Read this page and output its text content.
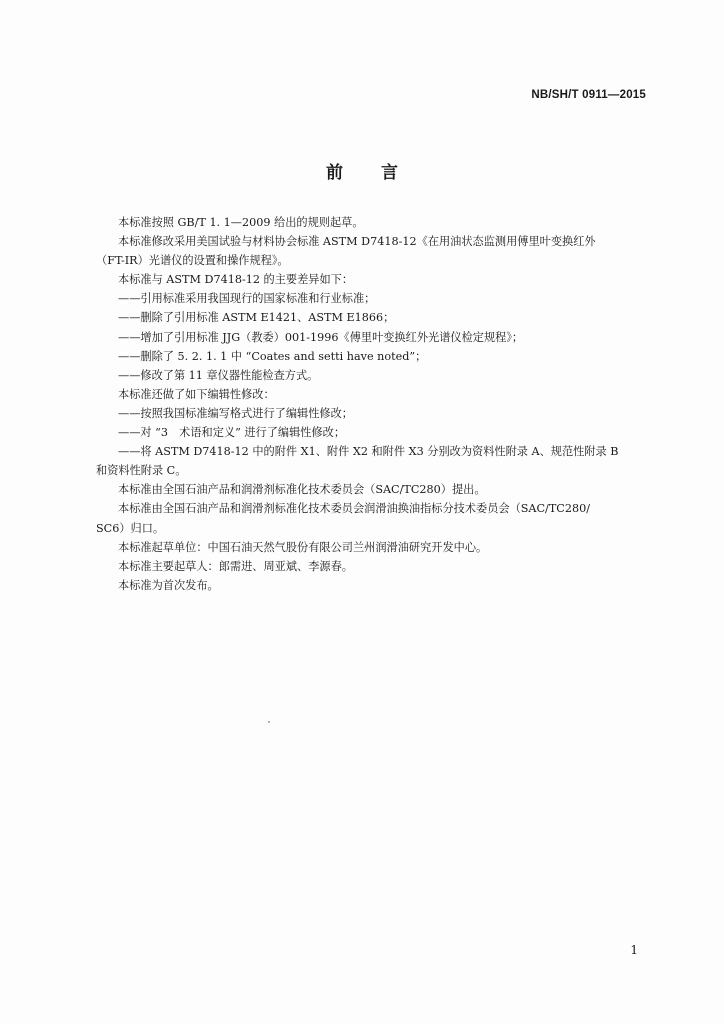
NB/SH/T 0911—2015
前言
本标准按照 GB/T 1. 1—2009 给出的规则起草。
本标准修改采用美国试验与材料协会标准 ASTM D7418-12《在用油状态监测用傅里叶变换红外
（FT-IR）光谱仪的设置和操作规程》。
本标准与 ASTM D7418-12 的主要差异如下：
——引用标准采用我国现行的国家标准和行业标准；
——删除了引用标准 ASTM E1421、ASTM E1866；
——增加了引用标准 JJG（教委）001-1996《傅里叶变换红外光谱仪检定规程》；
——删除了 5. 2. 1. 1 中 “Coates and setti have noted”；
——修改了第 11 章仪器性能检查方式。
本标准还做了如下编辑性修改：
——按照我国标准编写格式进行了编辑性修改；
——对 “3　术语和定义” 进行了编辑性修改；
——将 ASTM D7418-12 中的附件 X1、附件 X2 和附件 X3 分别改为资料性附录 A、规范性附录 B
和资料性附录 C。
本标准由全国石油产品和润滑剂标准化技术委员会（SAC/TC280）提出。
本标准由全国石油产品和润滑剂标准化技术委员会润滑油换油指标分技术委员会（SAC/TC280/
SC6）归口。
本标准起草单位：中国石油天然气股份有限公司兰州润滑油研究开发中心。
本标准主要起草人：郎需进、周亚斌、李源春。
本标准为首次发布。
1
